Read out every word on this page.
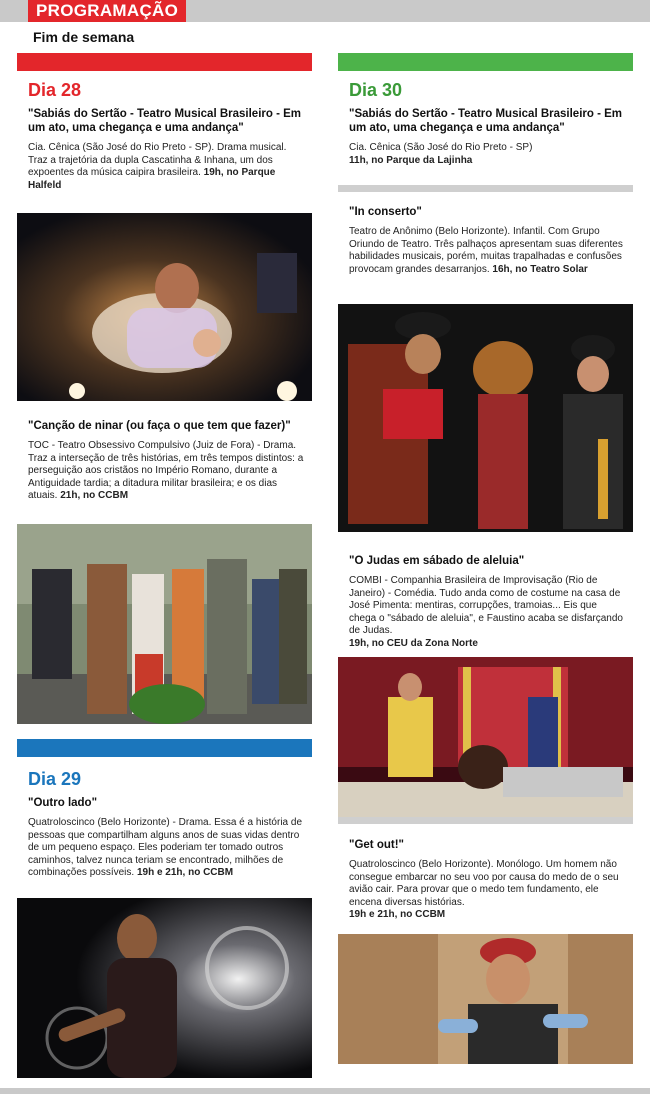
PROGRAMAÇÃO
Fim de semana
Dia 28
"Sabiás do Sertão - Teatro Musical Brasileiro - Em um ato, uma chegança e uma andança"
Cia. Cênica (São José do Rio Preto - SP). Drama musical. Traz a trajetória da dupla Cascatinha & Inhana, um dos expoentes da música caipira brasileira. 19h, no Parque Halfeld
"Canção de ninar (ou faça o que tem que fazer)"
TOC - Teatro Obsessivo Compulsivo (Juiz de Fora) - Drama. Traz a interseção de três histórias, em três tempos distintos: a perseguição aos cristãos no Império Romano, durante a Antiguidade tardia; a ditadura militar brasileira; e os dias atuais. 21h, no CCBM
Dia 29
"Outro lado"
Quatroloscinco (Belo Horizonte) - Drama. Essa é a história de pessoas que compartilham alguns anos de suas vidas dentro de um pequeno espaço. Eles poderiam ter tomado outros caminhos, talvez nunca teriam se encontrado, milhões de combinações possíveis. 19h e 21h, no CCBM
Dia 30
"Sabiás do Sertão - Teatro Musical Brasileiro - Em um ato, uma chegança e uma andança"
Cia. Cênica (São José do Rio Preto - SP)
11h, no Parque da Lajinha
"In conserto"
Teatro de Anônimo (Belo Horizonte). Infantil. Com Grupo Oriundo de Teatro. Três palhaços apresentam suas diferentes habilidades musicais, porém, muitas trapalhadas e confusões provocam grandes desarranjos. 16h, no Teatro Solar
"O Judas em sábado de aleluia"
COMBI - Companhia Brasileira de Improvisação (Rio de Janeiro) - Comédia. Tudo anda como de costume na casa de José Pimenta: mentiras, corrupções, tramoias... Eis que chega o "sábado de aleluia", e Faustino acaba se disfarçando de Judas.
19h, no CEU da Zona Norte
"Get out!"
Quatroloscinco (Belo Horizonte). Monólogo. Um homem não consegue embarcar no seu voo por causa do medo de o seu avião cair. Para provar que o medo tem fundamento, ele encena diversas histórias.
19h e 21h, no CCBM
